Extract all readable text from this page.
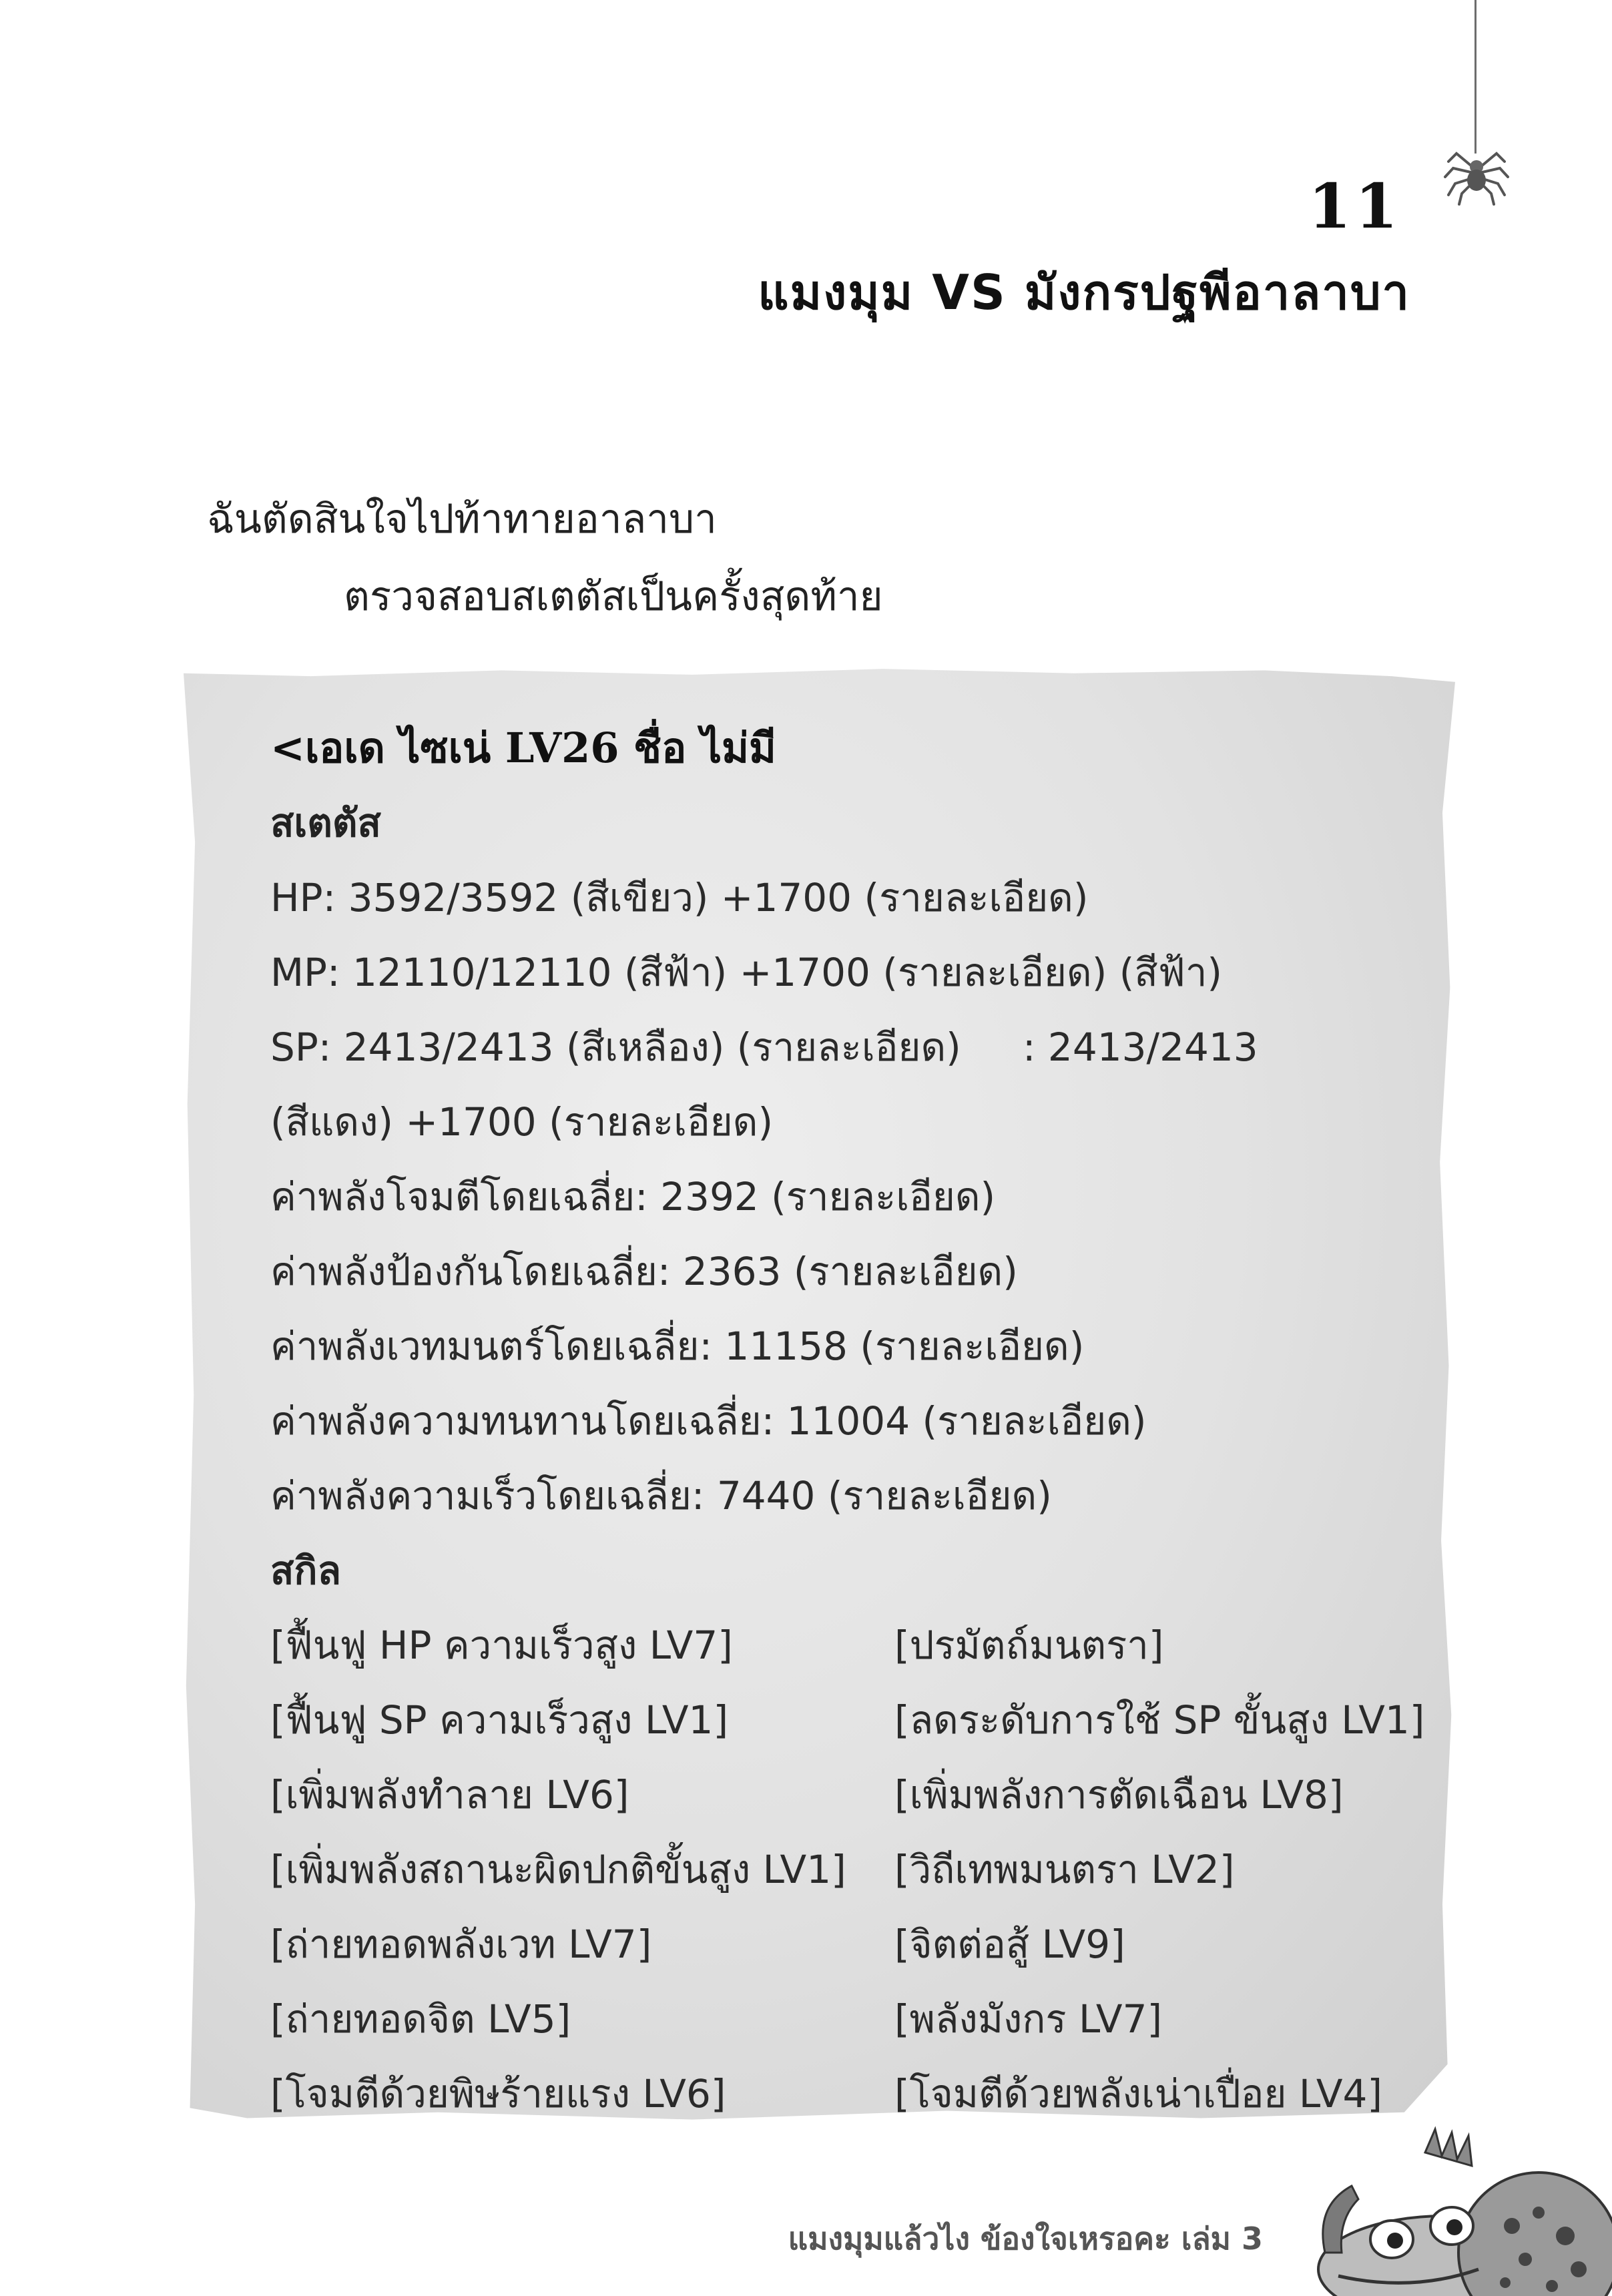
11
แมงมุม VS มังกรปฐพีอาลาบา
ฉันตัดสินใจไปท้าทายอาลาบา
ตรวจสอบสเตตัสเป็นครั้งสุดท้าย
<เอเด ไซเน่ LV26 ชื่อ ไม่มี
สเตตัส
HP: 3592/3592 (สีเขียว) +1700 (รายละเอียด)
MP: 12110/12110 (สีฟ้า) +1700 (รายละเอียด) (สีฟ้า)
SP: 2413/2413 (สีเหลือง) (รายละเอียด)     : 2413/2413
(สีแดง) +1700 (รายละเอียด)
ค่าพลังโจมตีโดยเฉลี่ย: 2392 (รายละเอียด)
ค่าพลังป้องกันโดยเฉลี่ย: 2363 (รายละเอียด)
ค่าพลังเวทมนตร์โดยเฉลี่ย: 11158 (รายละเอียด)
ค่าพลังความทนทานโดยเฉลี่ย: 11004 (รายละเอียด)
ค่าพลังความเร็วโดยเฉลี่ย: 7440 (รายละเอียด)
สกิล
[ฟื้นฟู HP ความเร็วสูง LV7]	[ปรมัตถ์มนตรา]
[ฟื้นฟู SP ความเร็วสูง LV1]	[ลดระดับการใช้ SP ขั้นสูง LV1]
[เพิ่มพลังทำลาย LV6]	[เพิ่มพลังการตัดเฉือน LV8]
[เพิ่มพลังสถานะผิดปกติขั้นสูง LV1]	[วิถีเทพมนตรา LV2]
[ถ่ายทอดพลังเวท LV7]	[จิตต่อสู้ LV9]
[ถ่ายทอดจิต LV5]	[พลังมังกร LV7]
[โจมตีด้วยพิษร้ายแรง LV6]	[โจมตีด้วยพลังเน่าเปื่อย LV4]
แมงมุมแล้วไง ข้องใจเหรอคะ เล่ม 3
